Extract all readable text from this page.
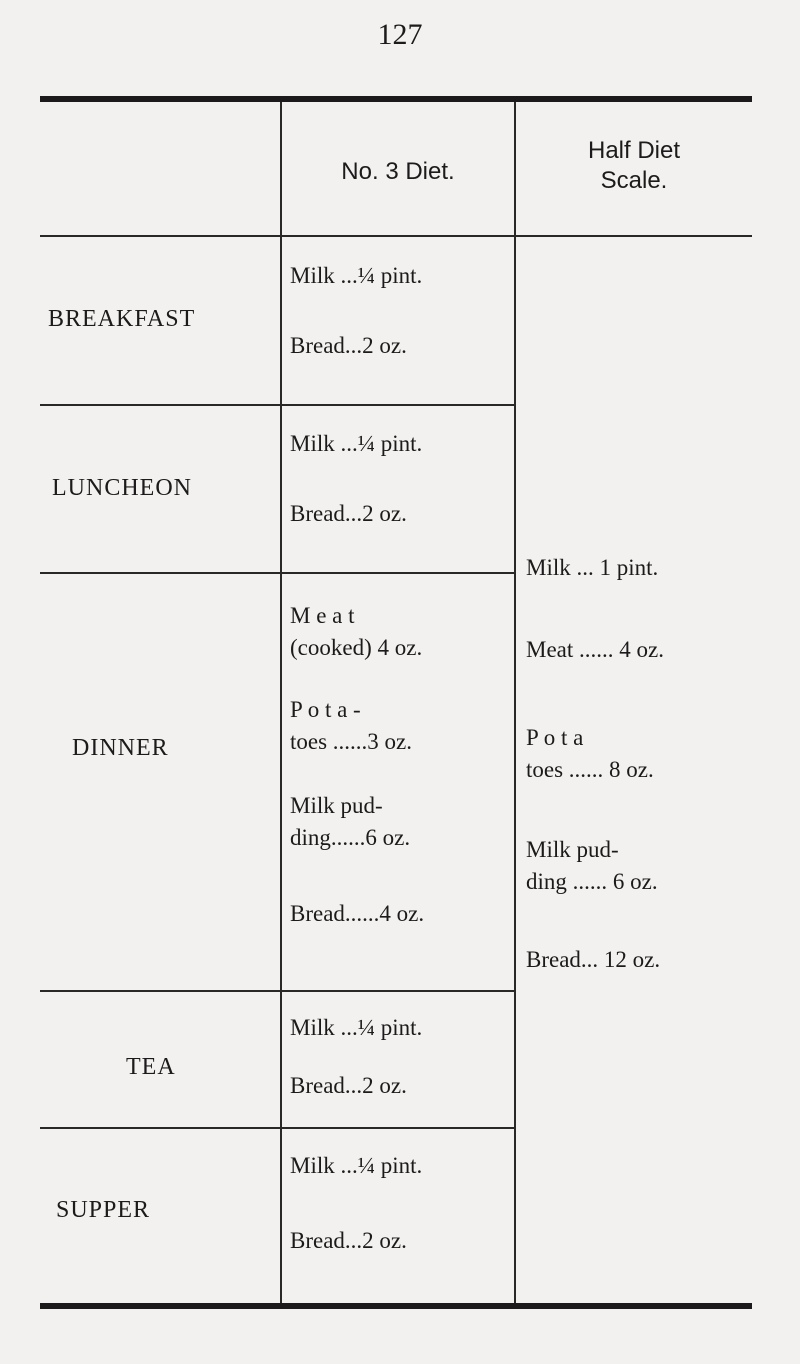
127
No. 3 Diet.
Half Diet
Scale.
BREAKFAST
Milk ...¼ pint.
Bread...2 oz.
LUNCHEON
Milk ...¼ pint.
Bread...2 oz.
DINNER
M e a t
(cooked) 4 oz.
P o t a -
toes ......3 oz.
Milk pud-
ding......6 oz.
Bread......4 oz.
TEA
Milk ...¼ pint.
Bread...2 oz.
SUPPER
Milk ...¼ pint.
Bread...2 oz.
Milk ... 1 pint.
Meat ...... 4 oz.
P o t a
toes ...... 8 oz.
Milk pud-
ding ...... 6 oz.
Bread... 12 oz.
